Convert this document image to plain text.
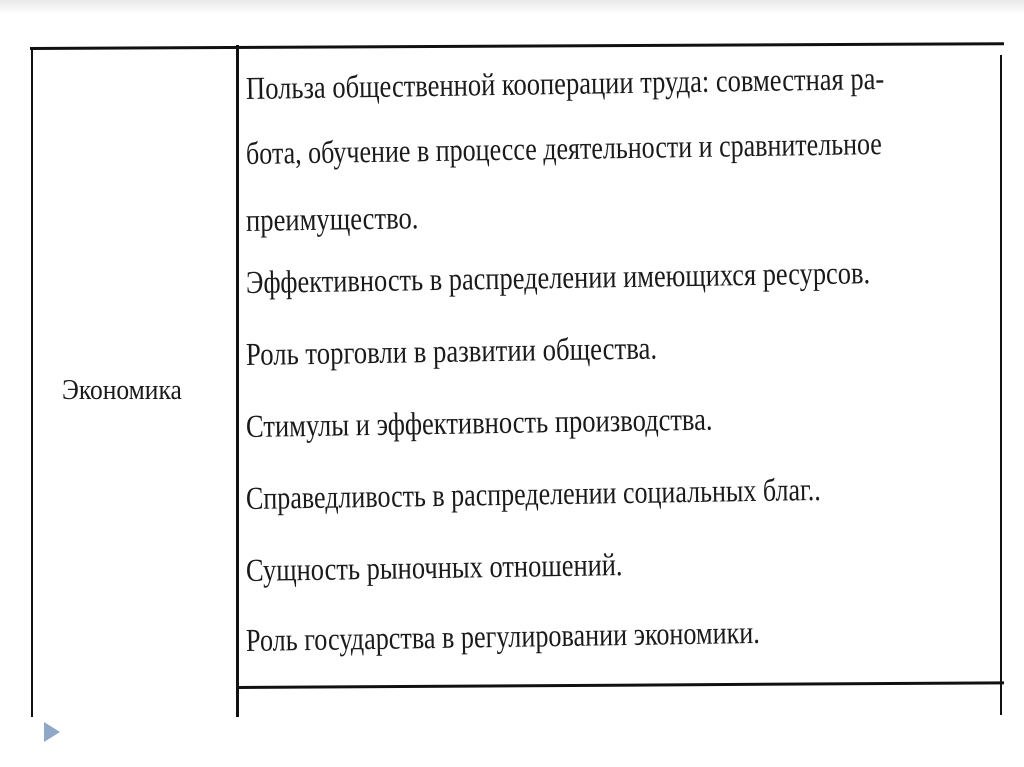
Экономика
Польза общественной кооперации труда: совместная ра-
бота, обучение в процессе деятельности и сравнительное
преимущество.
Эффективность в распределении имеющихся ресурсов.
Роль торговли в развитии общества.
Стимулы и эффективность производства.
Справедливость в распределении социальных благ..
Сущность рыночных отношений.
Роль государства в регулировании экономики.
